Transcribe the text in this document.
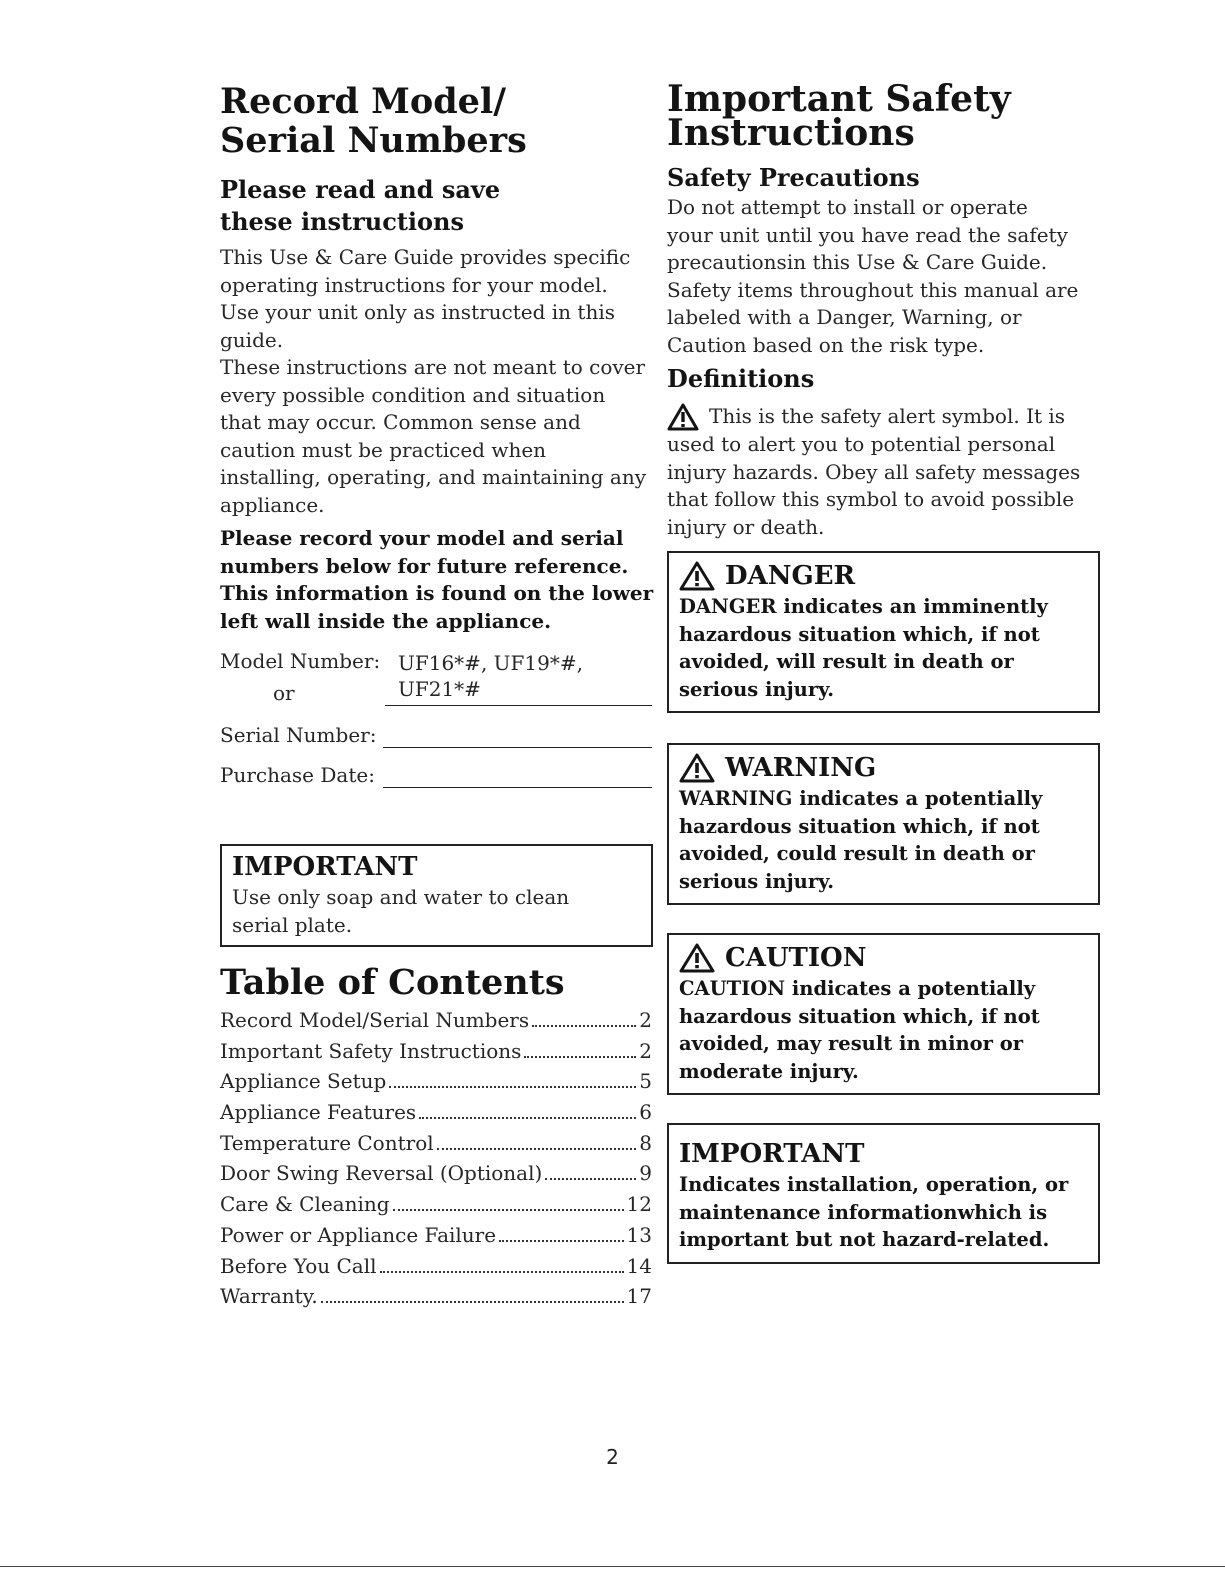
Record Model/
Serial Numbers
Please read and save
these instructions
This Use & Care Guide provides specific
operating instructions for your model.
Use your unit only as instructed in this
guide.
These instructions are not meant to cover
every possible condition and situation
that may occur. Common sense and
caution must be practiced when
installing, operating, and maintaining any
appliance.
Please record your model and serial
numbers below for future reference.
This information is found on the lower
left wall inside the appliance.
Model Number: UF16*#, UF19*#,
or	UF21*#
Serial Number:
Purchase Date:
IMPORTANT
Use only soap and water to clean
serial plate.
Table of Contents
Record Model/Serial Numbers	2
Important Safety Instructions	2
Appliance Setup	5
Appliance Features	6
Temperature Control	8
Door Swing Reversal (Optional)	9
Care & Cleaning	12
Power or Appliance Failure	13
Before You Call	14
Warranty.	17
Important Safety
Instructions
Safety Precautions
Do not attempt to install or operate
your unit until you have read the safety
precautionsin this Use & Care Guide.
Safety items throughout this manual are
labeled with a Danger, Warning, or
Caution based on the risk type.
Definitions
This is the safety alert symbol. It is
used to alert you to potential personal
injury hazards. Obey all safety messages
that follow this symbol to avoid possible
injury or death.
DANGER
DANGER indicates an imminently
hazardous situation which, if not
avoided, will result in death or
serious injury.
WARNING
WARNING indicates a potentially
hazardous situation which, if not
avoided, could result in death or
serious injury.
CAUTION
CAUTION indicates a potentially
hazardous situation which, if not
avoided, may result in minor or
moderate injury.
IMPORTANT
Indicates installation, operation, or
maintenance informationwhich is
important but not hazard-related.
2
